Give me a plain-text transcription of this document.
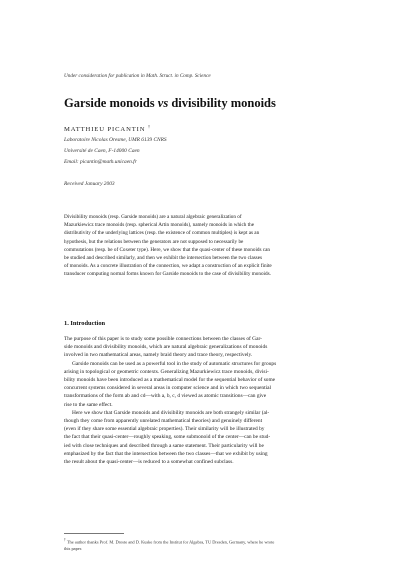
Under consideration for publication in Math. Struct. in Comp. Science
Garside monoids vs divisibility monoids
MATTHIEU PICANTIN †
Laboratoire Nicolas Oresme, UMR 6139 CNRS
Université de Caen, F-14000 Caen
Email: picantin@math.unicaen.fr
Received January 2003

Divisibility monoids (resp. Garside monoids) are a natural algebraic generalization of
Mazurkiewicz trace monoids (resp. spherical Artin monoids), namely monoids in which the
distributivity of the underlying lattices (resp. the existence of common multiples) is kept as an
hypothesis, but the relations between the generators are not supposed to necessarily be
commutations (resp. be of Coxeter type). Here, we show that the quasi-center of these monoids can
be studied and described similarly, and then we exhibit the intersection between the two classes
of monoids. As a concrete illustration of the connection, we adapt a construction of an explicit finite
transducer computing normal forms known for Garside monoids to the case of divisibility monoids.

1. Introduction
The purpose of this paper is to study some possible connections between the classes of Gar-
side monoids and divisibility monoids, which are natural algebraic generalizations of monoids
involved in two mathematical areas, namely braid theory and trace theory, respectively.
Garside monoids can be used as a powerful tool in the study of automatic structures for groups
arising in topological or geometric contexts. Generalizing Mazurkiewicz trace monoids, divisi-
bility monoids have been introduced as a mathematical model for the sequential behavior of some
concurrent systems considered in several areas in computer science and in which two sequential
transformations of the form ab and cd—with a, b, c, d viewed as atomic transitions—can give
rise to the same effect.
Here we show that Garside monoids and divisibility monoids are both strangely similar (al-
though they come from apparently unrelated mathematical theories) and genuinely different
(even if they share some essential algebraic properties). Their similarity will be illustrated by
the fact that their quasi-center—roughly speaking, some submonoid of the center—can be stud-
ied with close techniques and described through a same statement. Their particularity will be
emphasized by the fact that the intersection between the two classes—that we exhibit by using
the result about the quasi-center—is reduced to a somewhat confined subclass.
† The author thanks Prof. M. Droste and D. Kuske from the Institut for Algebra, TU Dresden, Germany, where he wrote
this paper.
